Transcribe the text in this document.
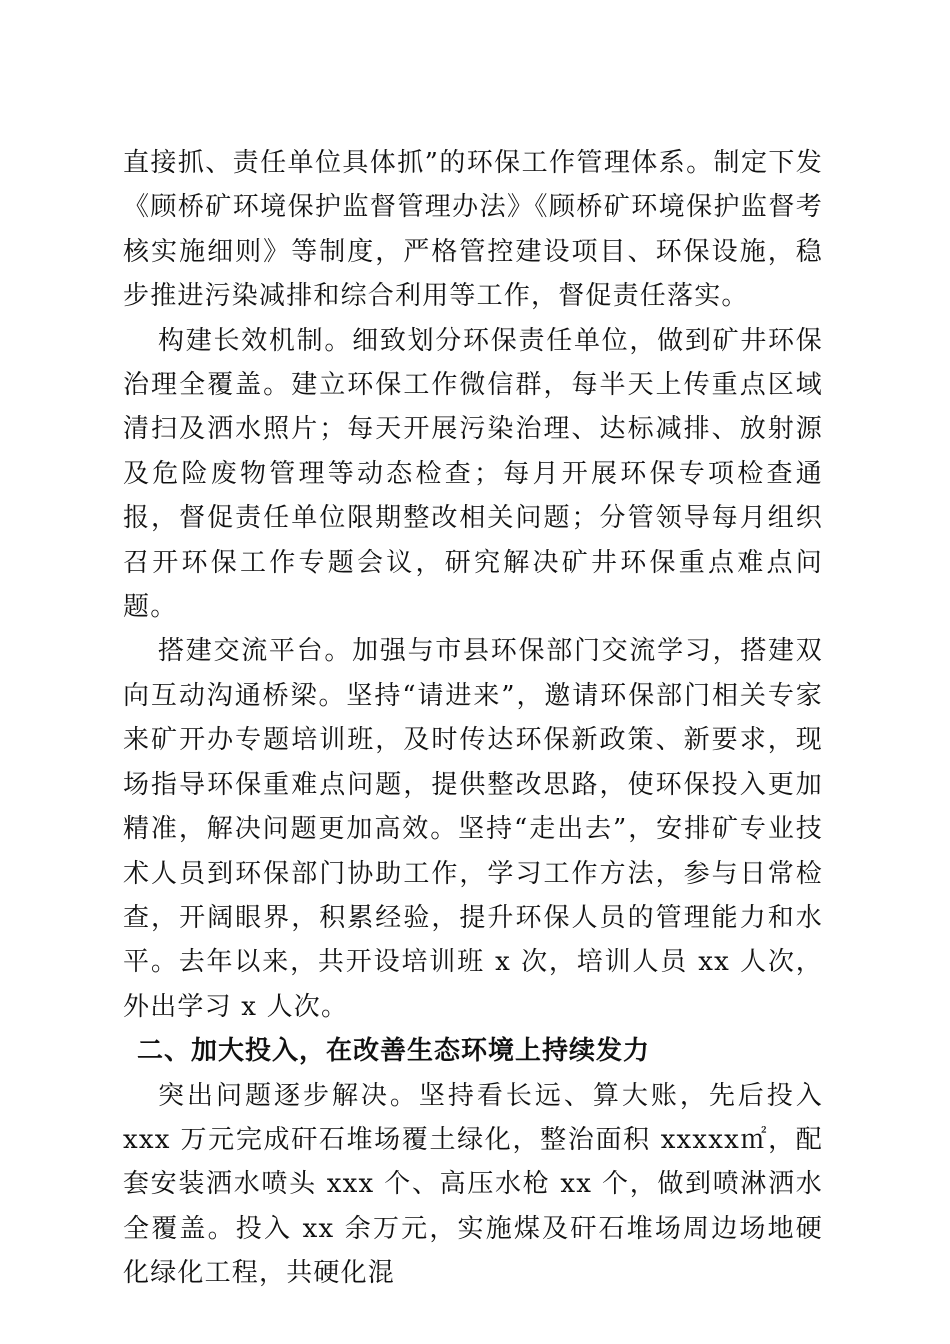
直接抓、责任单位具体抓”的环保工作管理体系。制定下发《顾桥矿环境保护监督管理办法》《顾桥矿环境保护监督考核实施细则》等制度，严格管控建设项目、环保设施，稳步推进污染减排和综合利用等工作，督促责任落实。

构建长效机制。细致划分环保责任单位，做到矿井环保治理全覆盖。建立环保工作微信群，每半天上传重点区域清扫及洒水照片；每天开展污染治理、达标减排、放射源及危险废物管理等动态检查；每月开展环保专项检查通报，督促责任单位限期整改相关问题；分管领导每月组织召开环保工作专题会议，研究解决矿井环保重点难点问题。

搭建交流平台。加强与市县环保部门交流学习，搭建双向互动沟通桥梁。坚持“请进来”，邀请环保部门相关专家来矿开办专题培训班，及时传达环保新政策、新要求，现场指导环保重难点问题，提供整改思路，使环保投入更加精准，解决问题更加高效。坚持“走出去”，安排矿专业技术人员到环保部门协助工作，学习工作方法，参与日常检查，开阔眼界，积累经验，提升环保人员的管理能力和水平。去年以来，共开设培训班 x 次，培训人员 xx 人次，外出学习 x 人次。

二、加大投入，在改善生态环境上持续发力

突出问题逐步解决。坚持看长远、算大账，先后投入 xxx 万元完成矸石堆场覆土绿化，整治面积 xxxxx㎡，配套安装洒水喷头 xxx 个、高压水枪 xx 个，做到喷淋洒水全覆盖。投入 xx 余万元，实施煤及矸石堆场周边场地硬化绿化工程，共硬化混
